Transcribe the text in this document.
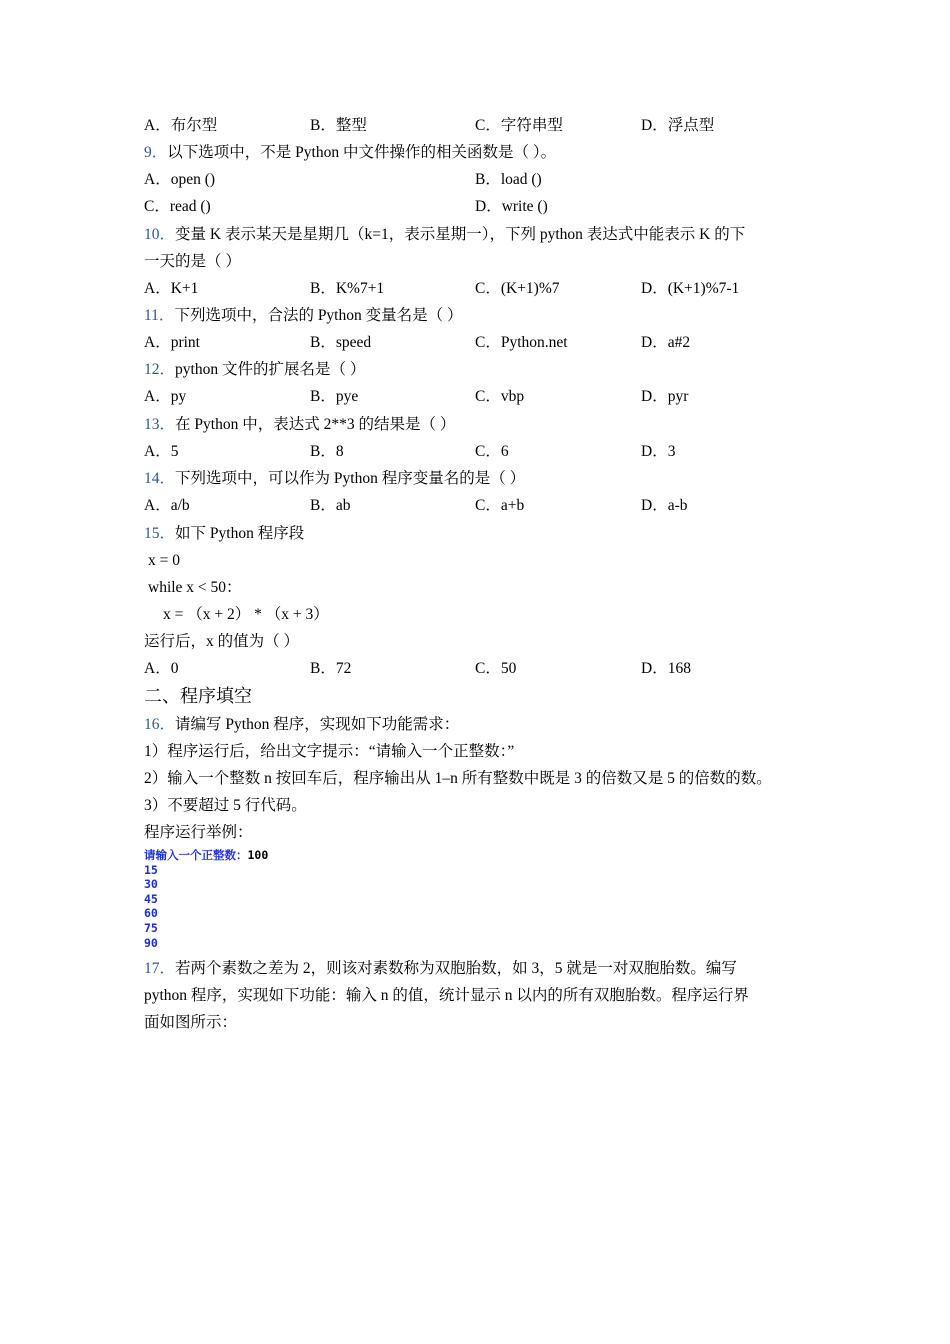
A．布尔型	B．整型	C．字符串型	D．浮点型
9．以下选项中，不是 Python 中文件操作的相关函数是（ ）。
A．open ()	B．load ()
C．read ()	D．write ()
10．变量 K 表示某天是星期几（k=1，表示星期一），下列 python 表达式中能表示 K 的下
一天的是（ ）
A．K+1	B．K%7+1	C．(K+1)%7	D．(K+1)%7-1
11．下列选项中，合法的 Python 变量名是（ ）
A．print	B．speed	C．Python.net	D．a#2
12．python 文件的扩展名是（ ）
A．py	B．pye	C．vbp	D．pyr
13．在 Python 中，表达式 2**3 的结果是（ ）
A．5	B．8	C．6	D．3
14．下列选项中，可以作为 Python 程序变量名的是（ ）
A．a/b	B．ab	C．a+b	D．a-b
15．如下 Python 程序段
x = 0
while x < 50：
x = （x + 2） * （x + 3）
运行后，x 的值为（ ）
A．0	B．72	C．50	D．168
二、程序填空
16．请编写 Python 程序，实现如下功能需求：
1）程序运行后，给出文字提示：“请输入一个正整数：”
2）输入一个整数 n 按回车后，程序输出从 1–n 所有整数中既是 3 的倍数又是 5 的倍数的数。
3）不要超过 5 行代码。
程序运行举例：
请输入一个正整数：100
15
30
45
60
75
90
17．若两个素数之差为 2，则该对素数称为双胞胎数，如 3，5 就是一对双胞胎数。编写
python 程序，实现如下功能：输入 n 的值，统计显示 n 以内的所有双胞胎数。程序运行界
面如图所示：
